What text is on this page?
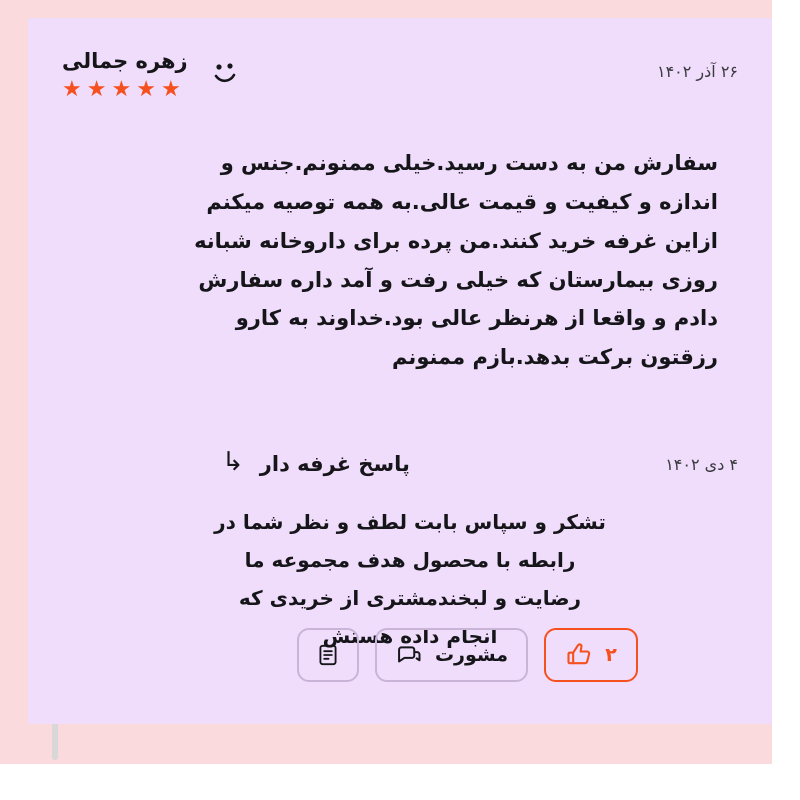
زهره جمالی
★
★
★
★
★
۲۶ آذر ۱۴۰۲
سفارش من به دست رسید.خیلی ممنونم.جنس و اندازه و کیفیت و قیمت عالی.به همه توصیه میکنم ازاین غرفه خرید کنند.من پرده برای داروخانه شبانه روزی بیمارستان که خیلی رفت و آمد داره سفارش دادم و واقعا از هرنظر عالی بود.خداوند به کارو رزقتون برکت بدهد.بازم ممنونم
↳ پاسخ غرفه دار	۴ دی ۱۴۰۲
تشکر و سپاس بابت لطف و نظر شما در رابطه با محصول هدف مجموعه ما رضایت و لبخندمشتری از خریدی که انجام داده هستش
۲
مشورت
